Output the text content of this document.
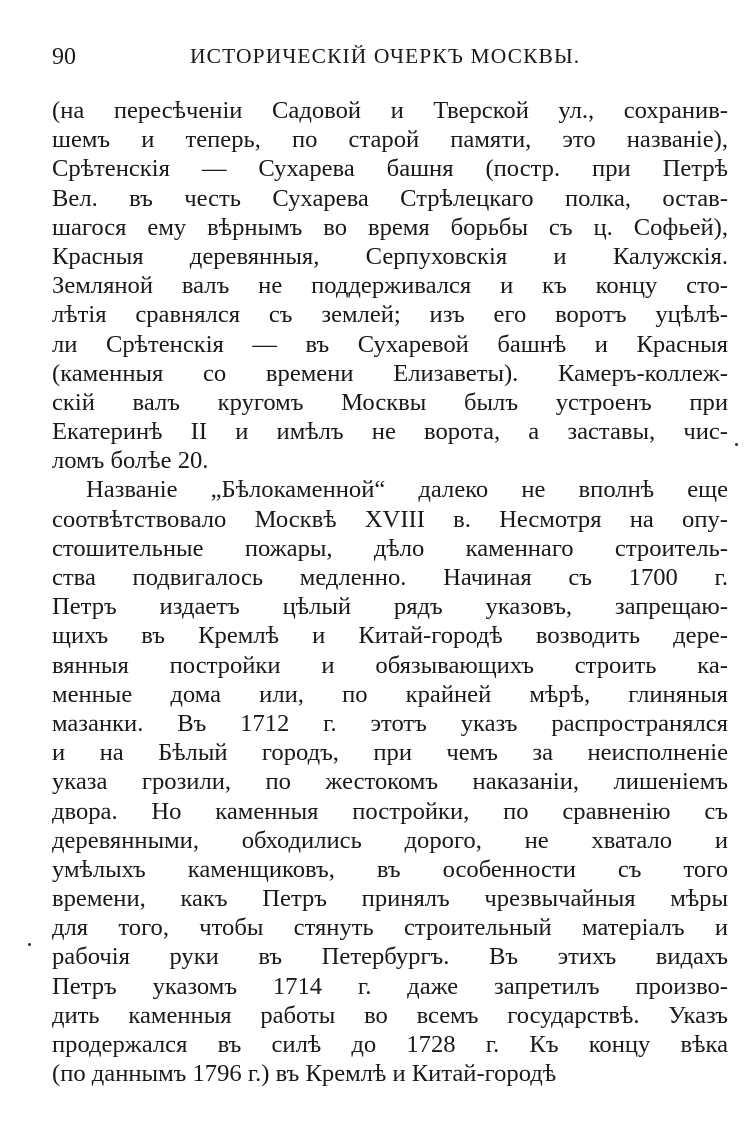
90	ИСТОРИЧЕСКІЙ ОЧЕРКЪ МОСКВЫ.
(на пересѣченіи Садовой и Тверской ул., сохранив-
шемъ и теперь, по старой памяти, это названіе),
Срѣтенскія — Сухарева башня (постр. при Петрѣ
Вел. въ честь Сухарева Стрѣлецкаго полка, остав-
шагося ему вѣрнымъ во время борьбы съ ц. Софьей),
Красныя деревянныя, Серпуховскія и Калужскія.
Земляной валъ не поддерживался и къ концу сто-
лѣтія сравнялся съ землей; изъ его воротъ уцѣлѣ-
ли Срѣтенскія — въ Сухаревой башнѣ и Красныя
(каменныя со времени Елизаветы). Камеръ-коллеж-
скій валъ кругомъ Москвы былъ устроенъ при
Екатеринѣ II и имѣлъ не ворота, а заставы, чис-
ломъ болѣе 20.
Названіе „Бѣлокаменной“ далеко не вполнѣ еще
соотвѣтствовало Москвѣ XVIII в. Несмотря на опу-
стошительные пожары, дѣло каменнаго строитель-
ства подвигалось медленно. Начиная съ 1700 г.
Петръ издаетъ цѣлый рядъ указовъ, запрещаю-
щихъ въ Кремлѣ и Китай-городѣ возводить дере-
вянныя постройки и обязывающихъ строить ка-
менные дома или, по крайней мѣрѣ, глиняныя
мазанки. Въ 1712 г. этотъ указъ распространялся
и на Бѣлый городъ, при чемъ за неисполненіе
указа грозили, по жестокомъ наказаніи, лишеніемъ
двора. Но каменныя постройки, по сравненію съ
деревянными, обходились дорого, не хватало и
умѣлыхъ каменщиковъ, въ особенности съ того
времени, какъ Петръ принялъ чрезвычайныя мѣры
для того, чтобы стянуть строительный матеріалъ и
рабочія руки въ Петербургъ. Въ этихъ видахъ
Петръ указомъ 1714 г. даже запретилъ произво-
дить каменныя работы во всемъ государствѣ. Указъ
продержался въ силѣ до 1728 г. Къ концу вѣка
(по даннымъ 1796 г.) въ Кремлѣ и Китай-городѣ
